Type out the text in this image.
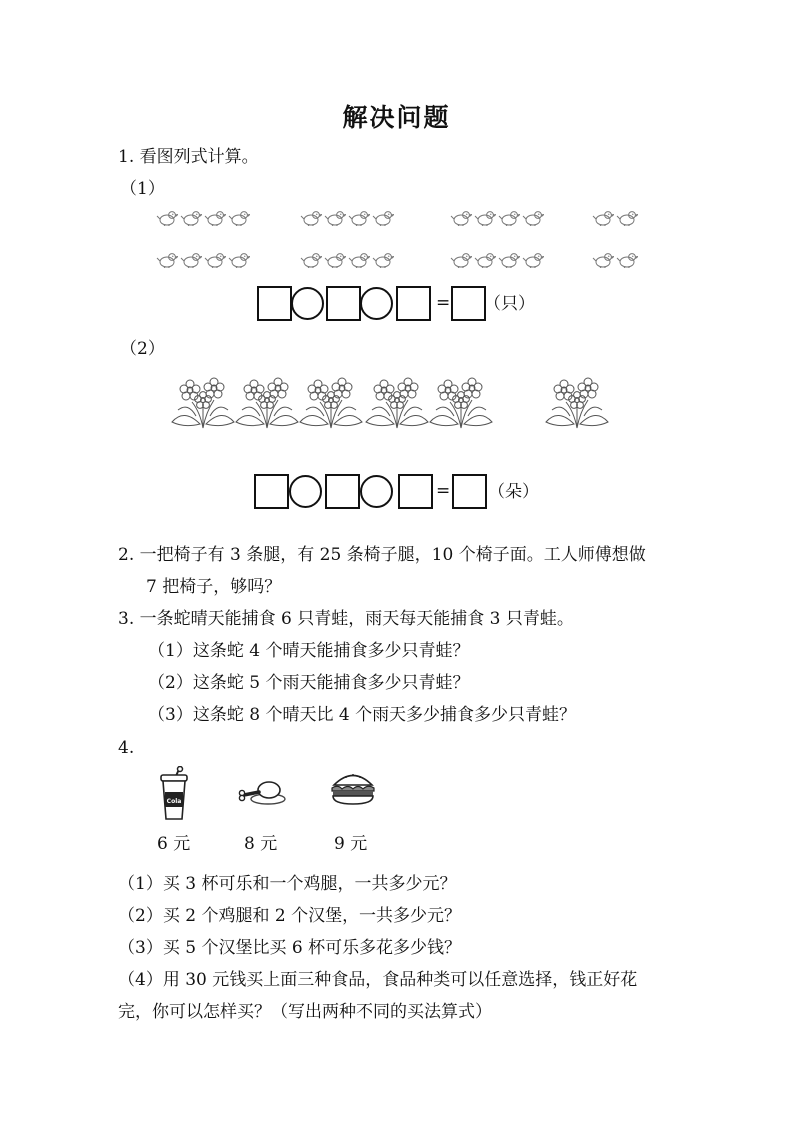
解决问题
1. 看图列式计算。
（1）
= （只）
（2）
= （朵）
2. 一把椅子有 3 条腿，有 25 条椅子腿，10 个椅子面。工人师傅想做
7 把椅子，够吗？
3. 一条蛇晴天能捕食 6 只青蛙，雨天每天能捕食 3 只青蛙。
（1）这条蛇 4 个晴天能捕食多少只青蛙？
（2）这条蛇 5 个雨天能捕食多少只青蛙？
（3）这条蛇 8 个晴天比 4 个雨天多少捕食多少只青蛙？
4.
Cola
6 元	8 元	9 元
（1）买 3 杯可乐和一个鸡腿，一共多少元？
（2）买 2 个鸡腿和 2 个汉堡，一共多少元？
（3）买 5 个汉堡比买 6 杯可乐多花多少钱？
（4）用 30 元钱买上面三种食品，食品种类可以任意选择，钱正好花
完，你可以怎样买？（写出两种不同的买法算式）
